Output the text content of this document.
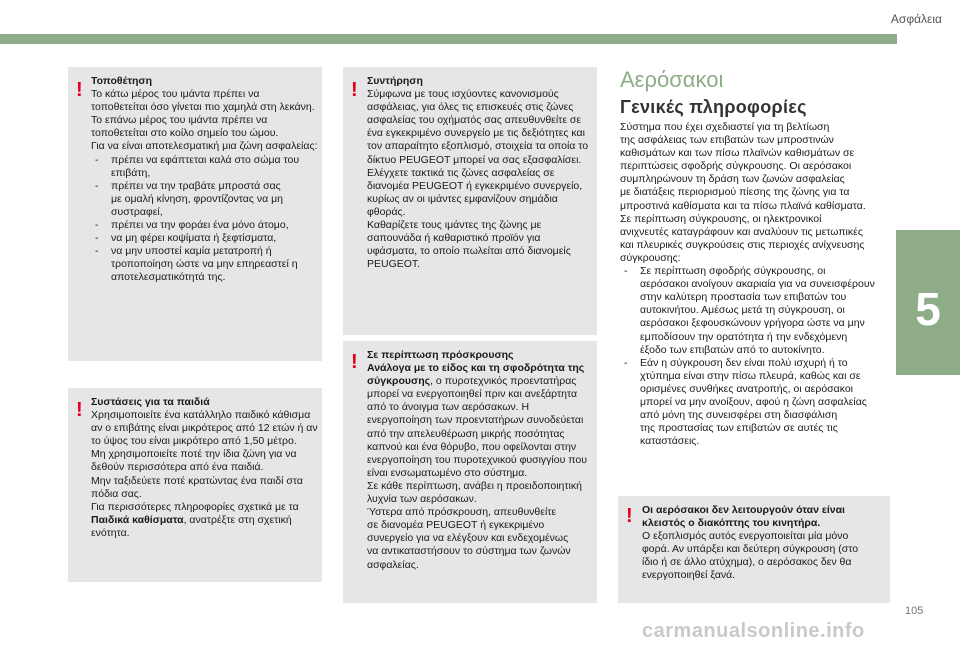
Ασφάλεια
5
! Τοποθέτηση
Το κάτω μέρος του ιμάντα πρέπει να
τοποθετείται όσο γίνεται πιο χαμηλά στη λεκάνη.
Το επάνω μέρος του ιμάντα πρέπει να
τοποθετείται στο κοίλο σημείο του ώμου.
Για να είναι αποτελεσματική μια ζώνη ασφαλείας:
- πρέπει να εφάπτεται καλά στο σώμα του
επιβάτη,
- πρέπει να την τραβάτε μπροστά σας
με ομαλή κίνηση, φροντίζοντας να μη
συστραφεί,
- πρέπει να την φοράει ένα μόνο άτομο,
- να μη φέρει κοψίματα ή ξεφτίσματα,
- να μην υποστεί καμία μετατροπή ή
τροποποίηση ώστε να μην επηρεαστεί η
αποτελεσματικότητά της.
! Συστάσεις για τα παιδιά
Χρησιμοποιείτε ένα κατάλληλο παιδικό κάθισμα
αν ο επιβάτης είναι μικρότερος από 12 ετών ή αν
το ύψος του είναι μικρότερο από 1,50 μέτρο.
Μη χρησιμοποιείτε ποτέ την ίδια ζώνη για να
δεθούν περισσότερα από ένα παιδιά.
Μην ταξιδεύετε ποτέ κρατώντας ένα παιδί στα
πόδια σας.
Για περισσότερες πληροφορίες σχετικά με τα
Παιδικά καθίσματα, ανατρέξτε στη σχετική
ενότητα.
! Συντήρηση
Σύμφωνα με τους ισχύοντες κανονισμούς
ασφάλειας, για όλες τις επισκευές στις ζώνες
ασφαλείας του οχήματός σας απευθυνθείτε σε
ένα εγκεκριμένο συνεργείο με τις δεξιότητες και
τον απαραίτητο εξοπλισμό, στοιχεία τα οποία το
δίκτυο PEUGEOT μπορεί να σας εξασφαλίσει.
Ελέγχετε τακτικά τις ζώνες ασφαλείας σε
διανομέα PEUGEOT ή εγκεκριμένο συνεργείο,
κυρίως αν οι ιμάντες εμφανίζουν σημάδια
φθοράς.
Καθαρίζετε τους ιμάντες της ζώνης με
σαπουνάδα ή καθαριστικό προϊόν για
υφάσματα, το οποίο πωλείται από διανομείς
PEUGEOT.
! Σε περίπτωση πρόσκρουσης
Ανάλογα με το είδος και τη σφοδρότητα της
σύγκρουσης, ο πυροτεχνικός προεντατήρας
μπορεί να ενεργοποιηθεί πριν και ανεξάρτητα
από το άνοιγμα των αερόσακων. Η
ενεργοποίηση των προεντατήρων συνοδεύεται
από την απελευθέρωση μικρής ποσότητας
καπνού και ένα θόρυβο, που οφείλονται στην
ενεργοποίηση του πυροτεχνικού φυσιγγίου που
είναι ενσωματωμένο στο σύστημα.
Σε κάθε περίπτωση, ανάβει η προειδοποιητική
λυχνία των αερόσακων.
Ύστερα από πρόσκρουση, απευθυνθείτε
σε διανομέα PEUGEOT ή εγκεκριμένο
συνεργείο για να ελέγξουν και ενδεχομένως
να αντικαταστήσουν το σύστημα των ζωνών
ασφαλείας.
Αερόσακοι
Γενικές πληροφορίες
Σύστημα που έχει σχεδιαστεί για τη βελτίωση
της ασφάλειας των επιβατών των μπροστινών
καθισμάτων και των πίσω πλαϊνών καθισμάτων σε
περιπτώσεις σφοδρής σύγκρουσης. Οι αερόσακοι
συμπληρώνουν τη δράση των ζωνών ασφαλείας
με διατάξεις περιορισμού πίεσης της ζώνης για τα
μπροστινά καθίσματα και τα πίσω πλαϊνά καθίσματα.
Σε περίπτωση σύγκρουσης, οι ηλεκτρονικοί
ανιχνευτές καταγράφουν και αναλύουν τις μετωπικές
και πλευρικές συγκρούσεις στις περιοχές ανίχνευσης
σύγκρουσης:
- Σε περίπτωση σφοδρής σύγκρουσης, οι
αερόσακοι ανοίγουν ακαριαία για να συνεισφέρουν
στην καλύτερη προστασία των επιβατών του
αυτοκινήτου. Αμέσως μετά τη σύγκρουση, οι
αερόσακοι ξεφουσκώνουν γρήγορα ώστε να μην
εμποδίσουν την ορατότητα ή την ενδεχόμενη
έξοδο των επιβατών από το αυτοκίνητο.
- Εάν η σύγκρουση δεν είναι πολύ ισχυρή ή το
χτύπημα είναι στην πίσω πλευρά, καθώς και σε
ορισμένες συνθήκες ανατροπής, οι αερόσακοι
μπορεί να μην ανοίξουν, αφού η ζώνη ασφαλείας
από μόνη της συνεισφέρει στη διασφάλιση
της προστασίας των επιβατών σε αυτές τις
καταστάσεις.
! Οι αερόσακοι δεν λειτουργούν όταν είναι
κλειστός ο διακόπτης του κινητήρα.
Ο εξοπλισμός αυτός ενεργοποιείται μία μόνο
φορά. Αν υπάρξει και δεύτερη σύγκρουση (στο
ίδιο ή σε άλλο ατύχημα), ο αερόσακος δεν θα
ενεργοποιηθεί ξανά.
105
carmanualsonline.info
